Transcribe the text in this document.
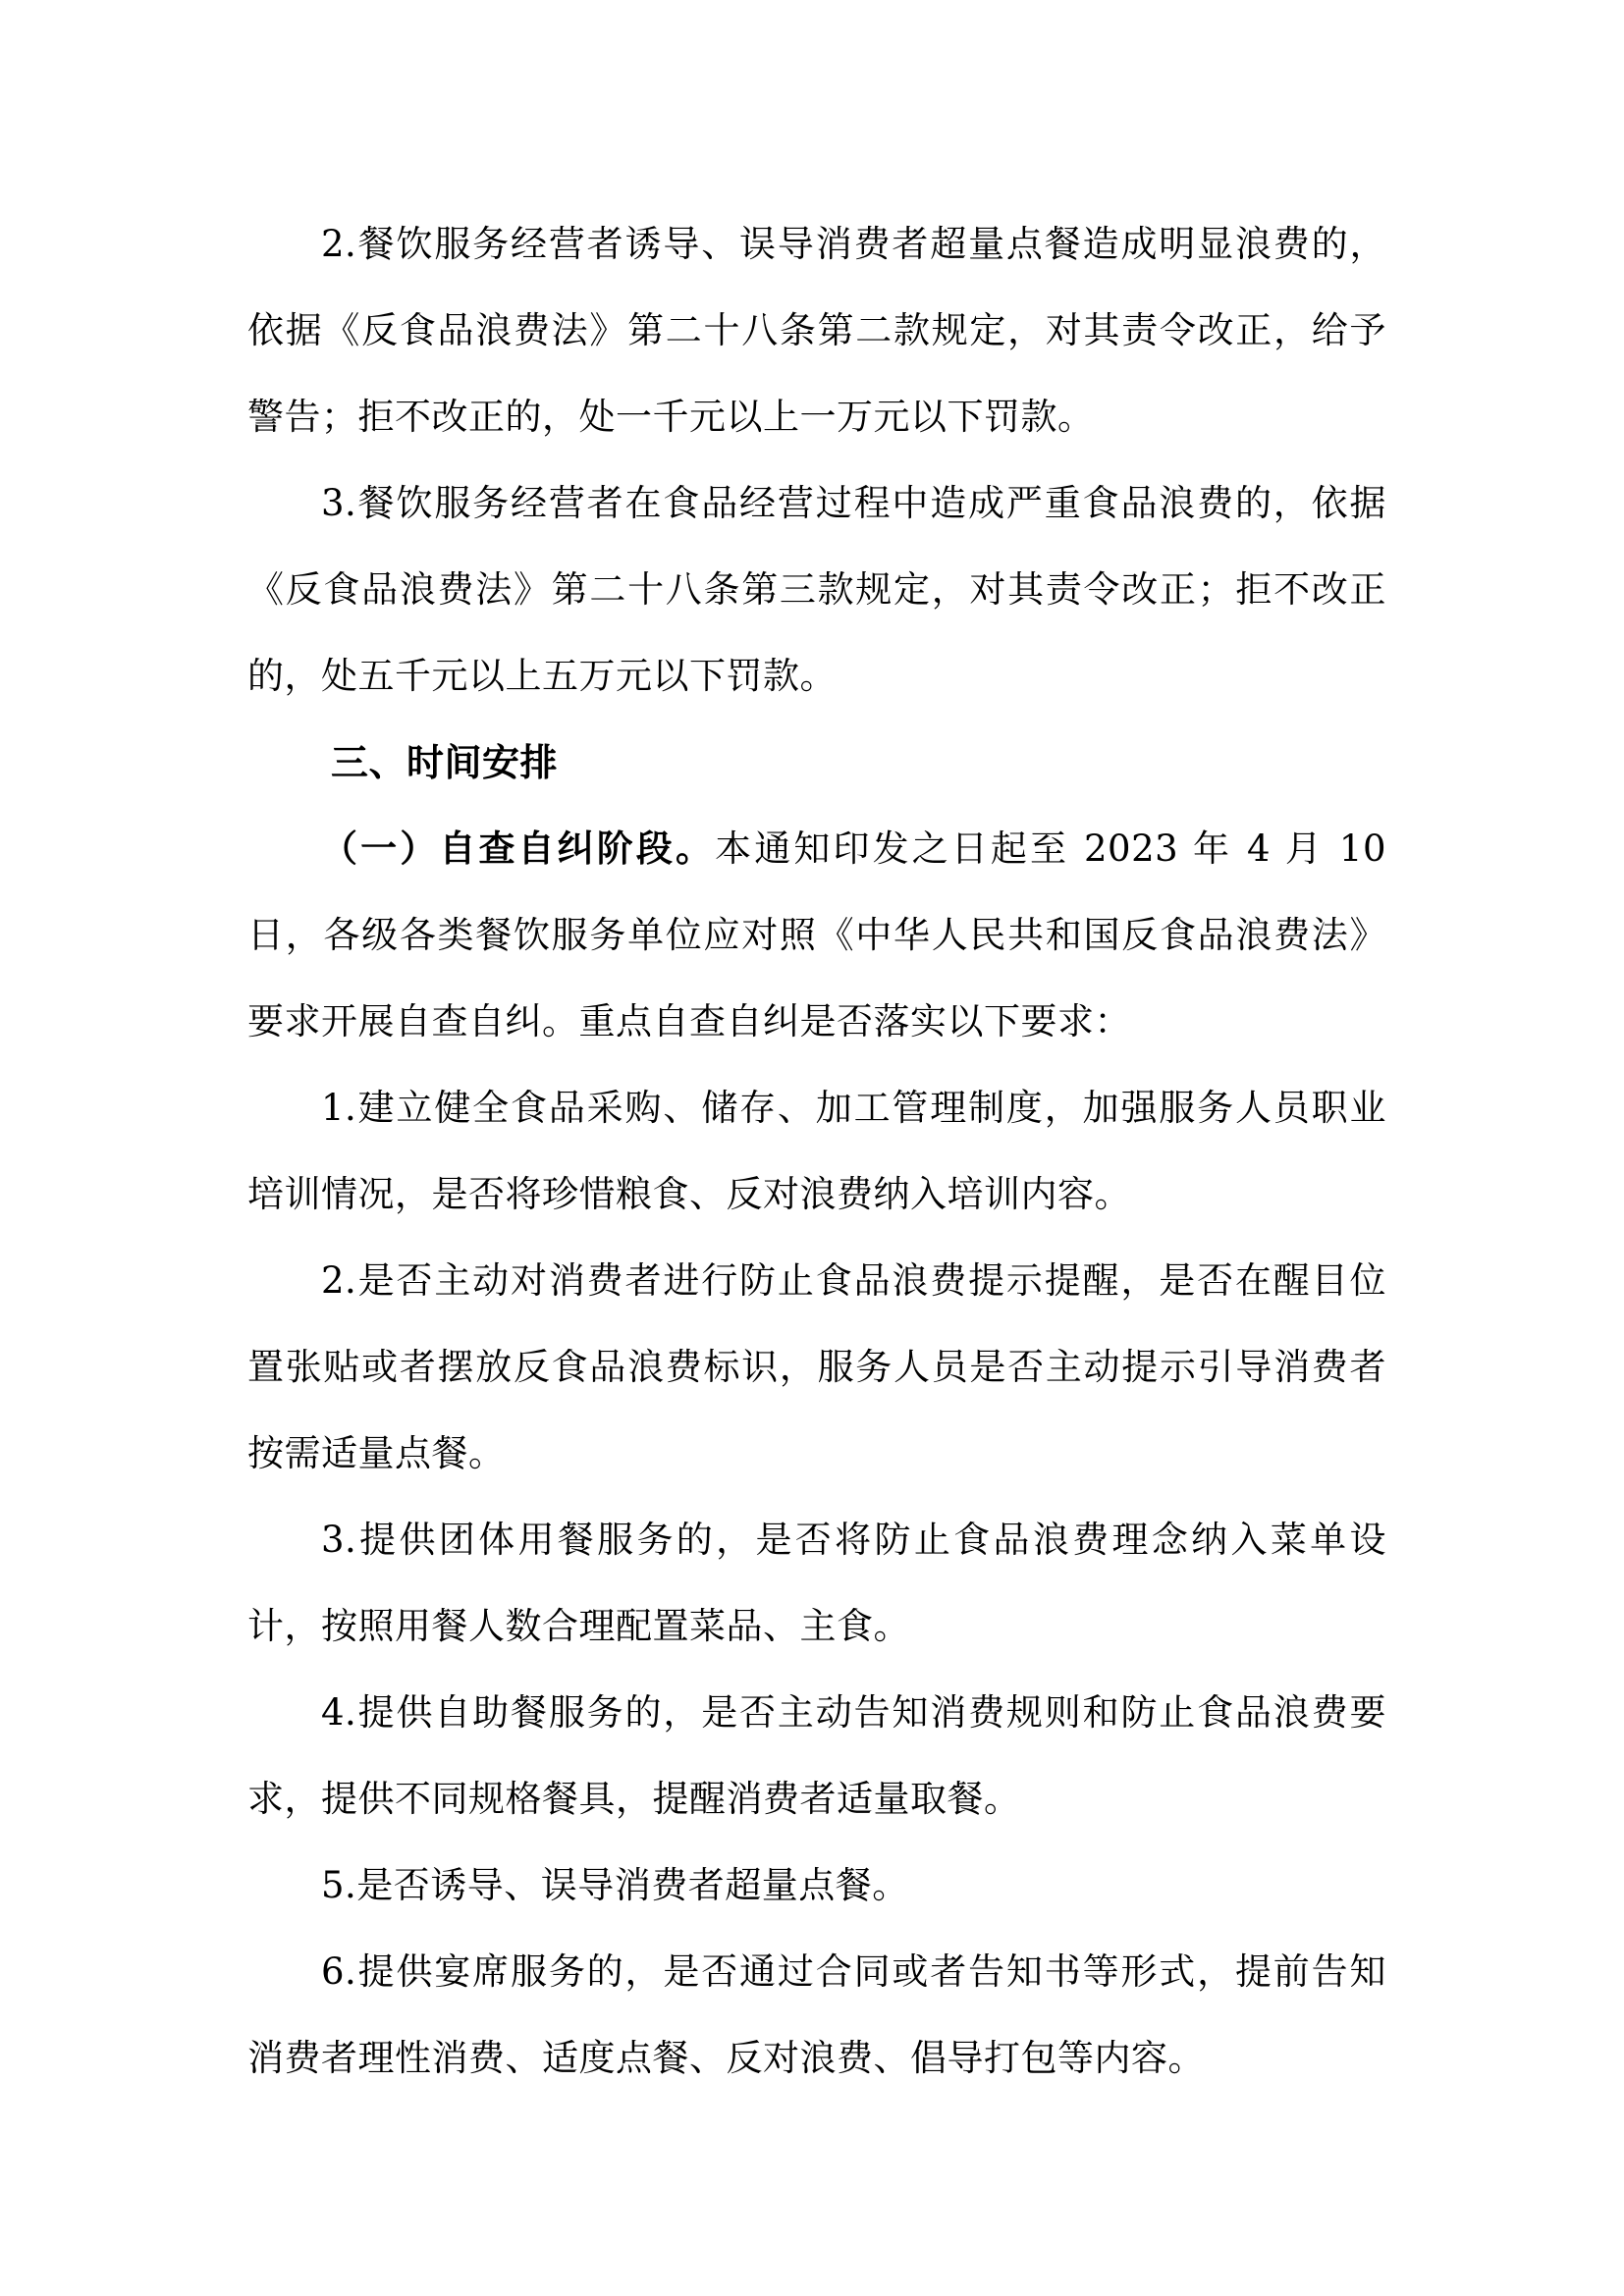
2.餐饮服务经营者诱导、误导消费者超量点餐造成明显浪费的，依据《反食品浪费法》第二十八条第二款规定，对其责令改正，给予警告；拒不改正的，处一千元以上一万元以下罚款。

3.餐饮服务经营者在食品经营过程中造成严重食品浪费的，依据《反食品浪费法》第二十八条第三款规定，对其责令改正；拒不改正的，处五千元以上五万元以下罚款。

三、时间安排

（一）自查自纠阶段。本通知印发之日起至 2023 年 4 月 10 日，各级各类餐饮服务单位应对照《中华人民共和国反食品浪费法》要求开展自查自纠。重点自查自纠是否落实以下要求：

1.建立健全食品采购、储存、加工管理制度，加强服务人员职业培训情况，是否将珍惜粮食、反对浪费纳入培训内容。

2.是否主动对消费者进行防止食品浪费提示提醒，是否在醒目位置张贴或者摆放反食品浪费标识，服务人员是否主动提示引导消费者按需适量点餐。

3.提供团体用餐服务的，是否将防止食品浪费理念纳入菜单设计，按照用餐人数合理配置菜品、主食。

4.提供自助餐服务的，是否主动告知消费规则和防止食品浪费要求，提供不同规格餐具，提醒消费者适量取餐。

5.是否诱导、误导消费者超量点餐。

6.提供宴席服务的，是否通过合同或者告知书等形式，提前告知消费者理性消费、适度点餐、反对浪费、倡导打包等内容。
